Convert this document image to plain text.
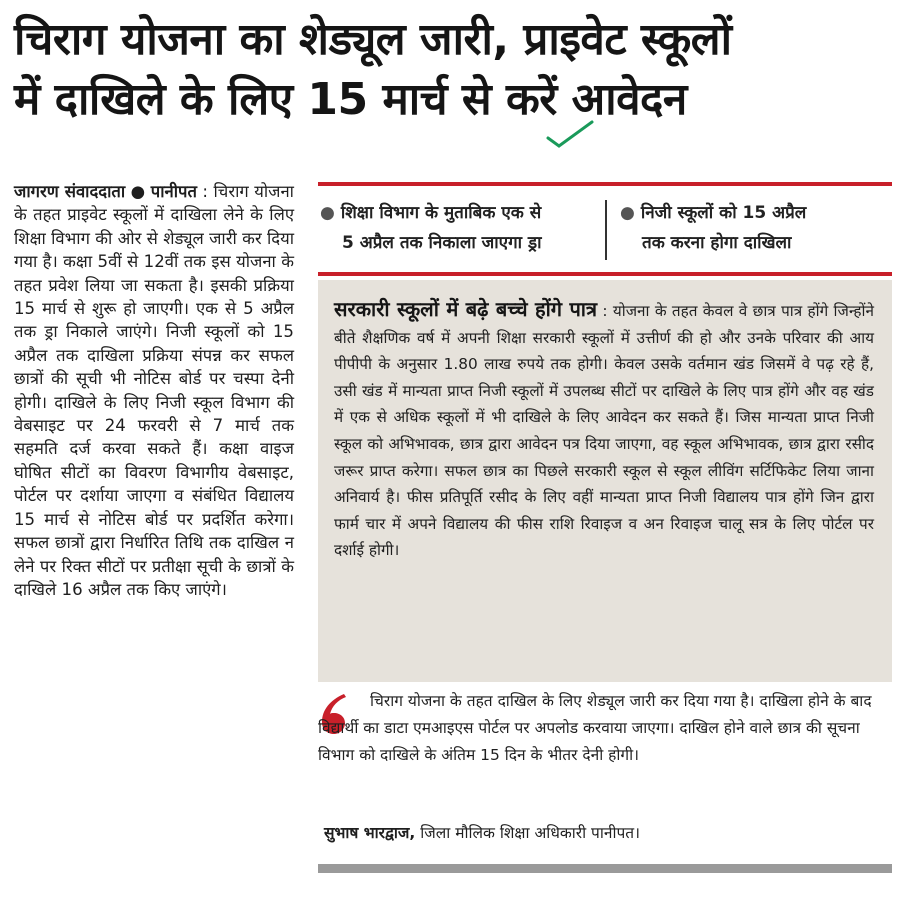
चिराग योजना का शेड्यूल जारी, प्राइवेट स्कूलों
में दाखिले के लिए 15 मार्च से करें आवेदन
जागरण संवाददाता ● पानीपत : चिराग योजना के तहत प्राइवेट स्कूलों में दाखिला लेने के लिए शिक्षा विभाग की ओर से शेड्यूल जारी कर दिया गया है। कक्षा 5वीं से 12वीं तक इस योजना के तहत प्रवेश लिया जा सकता है। इसकी प्रक्रिया 15 मार्च से शुरू हो जाएगी। एक से 5 अप्रैल तक ड्रा निकाले जाएंगे। निजी स्कूलों को 15 अप्रैल तक दाखिला प्रक्रिया संपन्न कर सफल छात्रों की सूची भी नोटिस बोर्ड पर चस्पा देनी होगी। दाखिले के लिए निजी स्कूल विभाग की वेबसाइट पर 24 फरवरी से 7 मार्च तक सहमति दर्ज करवा सकते हैं। कक्षा वाइज घोषित सीटों का विवरण विभागीय वेबसाइट, पोर्टल पर दर्शाया जाएगा व संबंधित विद्यालय 15 मार्च से नोटिस बोर्ड पर प्रदर्शित करेगा। सफल छात्रों द्वारा निर्धारित तिथि तक दाखिल न लेने पर रिक्त सीटों पर प्रतीक्षा सूची के छात्रों के दाखिले 16 अप्रैल तक किए जाएंगे।
● शिक्षा विभाग के मुताबिक एक से
5 अप्रैल तक निकाला जाएगा ड्रा
● निजी स्कूलों को 15 अप्रैल
तक करना होगा दाखिला
सरकारी स्कूलों में बढ़े बच्चे होंगे पात्र : योजना के तहत केवल वे छात्र पात्र होंगे जिन्होंने बीते शैक्षणिक वर्ष में अपनी शिक्षा सरकारी स्कूलों में उत्तीर्ण की हो और उनके परिवार की आय पीपीपी के अनुसार 1.80 लाख रुपये तक होगी। केवल उसके वर्तमान खंड जिसमें वे पढ़ रहे हैं, उसी खंड में मान्यता प्राप्त निजी स्कूलों में उपलब्ध सीटों पर दाखिले के लिए पात्र होंगे और वह खंड में एक से अधिक स्कूलों में भी दाखिले के लिए आवेदन कर सकते हैं। जिस मान्यता प्राप्त निजी स्कूल को अभिभावक, छात्र द्वारा आवेदन पत्र दिया जाएगा, वह स्कूल अभिभावक, छात्र द्वारा रसीद जरूर प्राप्त करेगा। सफल छात्र का पिछले सरकारी स्कूल से स्कूल लीविंग सर्टिफिकेट लिया जाना अनिवार्य है। फीस प्रतिपूर्ति रसीद के लिए वहीं मान्यता प्राप्त निजी विद्यालय पात्र होंगे जिन द्वारा फार्म चार में अपने विद्यालय की फीस राशि रिवाइज व अन रिवाइज चालू सत्र के लिए पोर्टल पर दर्शाई होगी।
चिराग योजना के तहत दाखिल के लिए शेड्यूल जारी कर दिया गया है। दाखिला होने के बाद विद्यार्थी का डाटा एमआइएस पोर्टल पर अपलोड करवाया जाएगा। दाखिल होने वाले छात्र की सूचना विभाग को दाखिले के अंतिम 15 दिन के भीतर देनी होगी।
सुभाष भारद्वाज, जिला मौलिक शिक्षा अधिकारी पानीपत।
